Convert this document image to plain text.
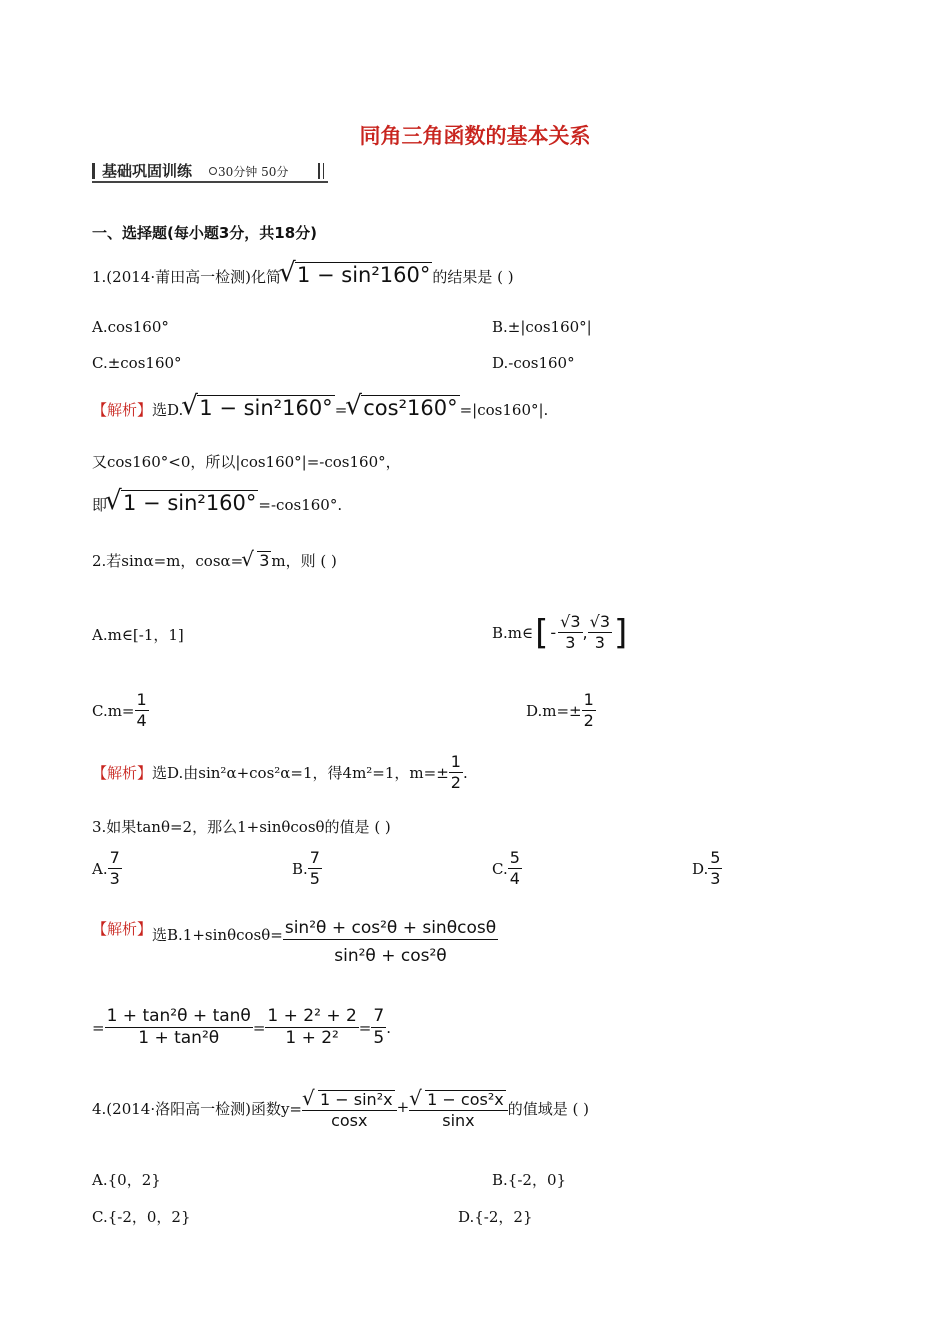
同角三角函数的基本关系
基础巩固训练 30分钟 50分
一、选择题(每小题3分，共18分)
1.(2014·莆田高一检测)化简 √ 1 − sin²160° 的结果是 ( )
A.cos160°	B.±|cos160°|
C.±cos160°	D.-cos160°
【解析】选D. √ 1 − sin²160° = √ cos²160° =|cos160°|.
又cos160°<0，所以|cos160°|=-cos160°，
即 √ 1 − sin²160° =-cos160°.
2.若sinα=m，cosα= √ 3 m，则 ( )
A.m∈[-1，1]	B.m∈ [ - $\frac{√3}{3}$ , $\frac{√3}{3}$ ]
$C.m= \frac{1}{4}$	$D.m=\pm \frac{1}{2}$
【解析】 选D.由sin²α+cos²α=1，得4m²=1，$m=\pm \frac{1}{2}$ .
3.如果tanθ=2，那么1+sinθcosθ的值是 ( )
A. $\frac{7}{3}$	B. $\frac{7}{5}$	C. $\frac{5}{4}$	D. $\frac{5}{3}$
【解析】 选$B.1+\sin\theta\cos\theta= \frac{\text{sin²θ + cos²θ + sinθcosθ}}{\text{sin²θ + cos²θ}}$
= $\frac{\text{1 + tan²θ + tanθ}}{\text{1 + tan²θ}} = \frac{\text{1 + 2² + 2}}{\text{1 + 2²}} = \frac{7}{5}$ .
4.(2014·洛阳高一检测)函数y= √ $\frac{\text{1 − sin²x}}{\cos x}$ + √ $\frac{\text{1 − cos²x}}{\sin x}$ 的值域是 ( )
A.{0，2}	B.{-2，0}
C.{-2，0，2}	D.{-2，2}
